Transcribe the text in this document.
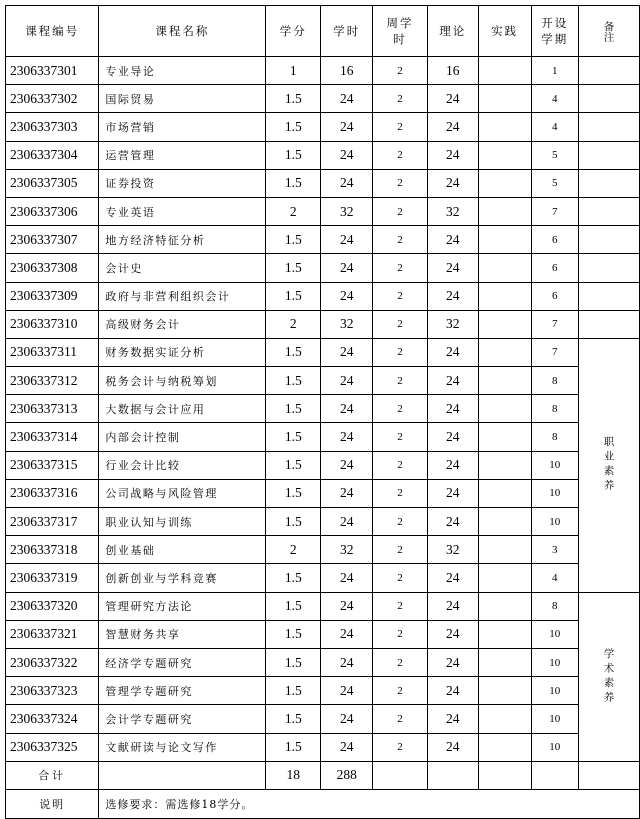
课程编号	课程名称	学分	学时	周学时	理论	实践	开设学期	备注
2306337301	专业导论	1	16	2	16		1	
2306337302	国际贸易	1.5	24	2	24		4	
2306337303	市场营销	1.5	24	2	24		4	
2306337304	运营管理	1.5	24	2	24		5	
2306337305	证券投资	1.5	24	2	24		5	
2306337306	专业英语	2	32	2	32		7	
2306337307	地方经济特征分析	1.5	24	2	24		6	
2306337308	会计史	1.5	24	2	24		6	
2306337309	政府与非营利组织会计	1.5	24	2	24		6	
2306337310	高级财务会计	2	32	2	32		7	
2306337311	财务数据实证分析	1.5	24	2	24		7	职业素养
2306337312	税务会计与纳税筹划	1.5	24	2	24		8	
2306337313	大数据与会计应用	1.5	24	2	24		8	
2306337314	内部会计控制	1.5	24	2	24		8	
2306337315	行业会计比较	1.5	24	2	24		10	
2306337316	公司战略与风险管理	1.5	24	2	24		10	
2306337317	职业认知与训练	1.5	24	2	24		10	
2306337318	创业基础	2	32	2	32		3	
2306337319	创新创业与学科竞赛	1.5	24	2	24		4	
2306337320	管理研究方法论	1.5	24	2	24		8	学术素养
2306337321	智慧财务共享	1.5	24	2	24		10	
2306337322	经济学专题研究	1.5	24	2	24		10	
2306337323	管理学专题研究	1.5	24	2	24		10	
2306337324	会计学专题研究	1.5	24	2	24		10	
2306337325	文献研读与论文写作	1.5	24	2	24		10	
合计		18	288					
说明	选修要求：需选修18学分。							
